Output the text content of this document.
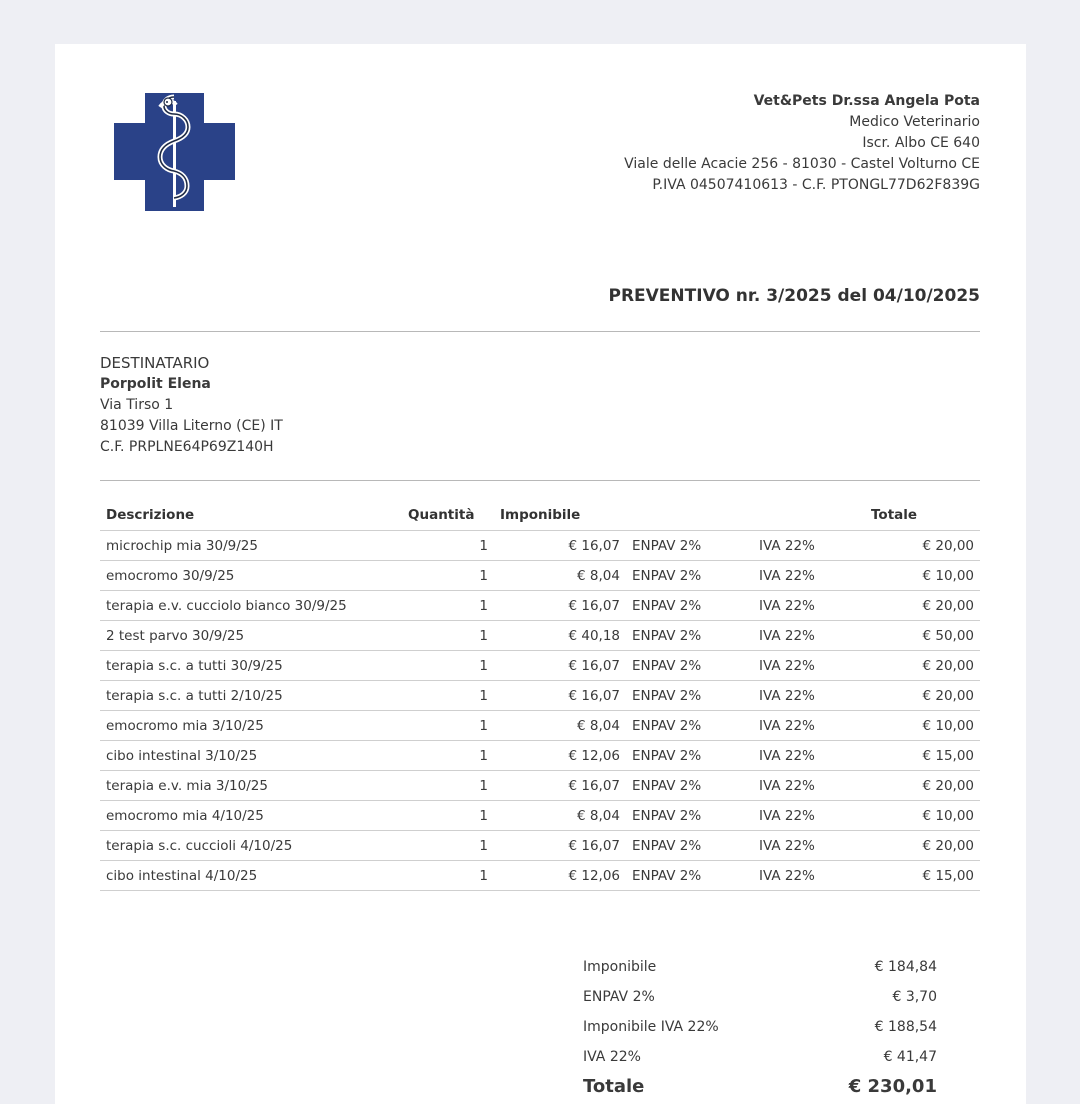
Vet&Pets Dr.ssa Angela Pota
Medico Veterinario
Iscr. Albo CE 640
Viale delle Acacie 256 - 81030 - Castel Volturno CE
P.IVA 04507410613 - C.F. PTONGL77D62F839G
PREVENTIVO nr. 3/2025 del 04/10/2025
DESTINATARIO
Porpolit Elena
Via Tirso 1
81039 Villa Literno (CE) IT
C.F. PRPLNE64P69Z140H
Descrizione	Quantità	Imponibile			Totale
microchip mia 30/9/25	1	€ 16,07	ENPAV 2%	IVA 22%	€ 20,00
emocromo 30/9/25	1	€ 8,04	ENPAV 2%	IVA 22%	€ 10,00
terapia e.v. cucciolo bianco 30/9/25	1	€ 16,07	ENPAV 2%	IVA 22%	€ 20,00
2 test parvo 30/9/25	1	€ 40,18	ENPAV 2%	IVA 22%	€ 50,00
terapia s.c. a tutti 30/9/25	1	€ 16,07	ENPAV 2%	IVA 22%	€ 20,00
terapia s.c. a tutti 2/10/25	1	€ 16,07	ENPAV 2%	IVA 22%	€ 20,00
emocromo mia 3/10/25	1	€ 8,04	ENPAV 2%	IVA 22%	€ 10,00
cibo intestinal 3/10/25	1	€ 12,06	ENPAV 2%	IVA 22%	€ 15,00
terapia e.v. mia 3/10/25	1	€ 16,07	ENPAV 2%	IVA 22%	€ 20,00
emocromo mia 4/10/25	1	€ 8,04	ENPAV 2%	IVA 22%	€ 10,00
terapia s.c. cuccioli 4/10/25	1	€ 16,07	ENPAV 2%	IVA 22%	€ 20,00
cibo intestinal 4/10/25	1	€ 12,06	ENPAV 2%	IVA 22%	€ 15,00
Imponibile	€ 184,84
ENPAV 2%	€ 3,70
Imponibile IVA 22%	€ 188,54
IVA 22%	€ 41,47
Totale	€ 230,01
